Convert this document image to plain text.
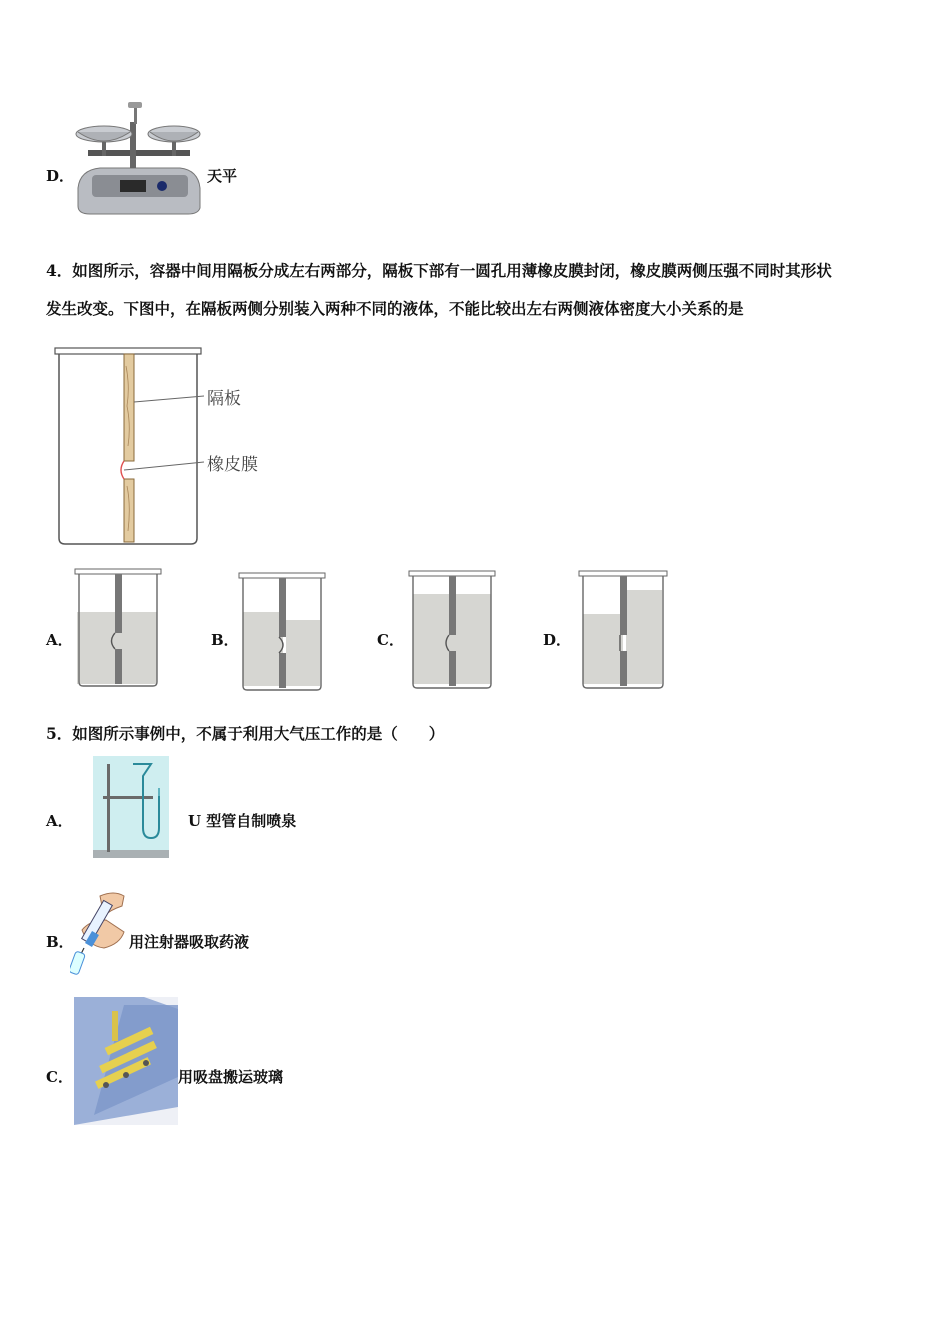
D．	天平
4．如图所示，容器中间用隔板分成左右两部分，隔板下部有一圆孔用薄橡皮膜封闭，橡皮膜两侧压强不同时其形状
发生改变。下图中，在隔板两侧分别装入两种不同的液体，不能比较出左右两侧液体密度大小关系的是
隔板
橡皮膜
A．	B．	C．	D．
5．如图所示事例中，不属于利用大气压工作的是（　　）
A．	U 型管自制喷泉
B．	用注射器吸取药液
C．	用吸盘搬运玻璃
